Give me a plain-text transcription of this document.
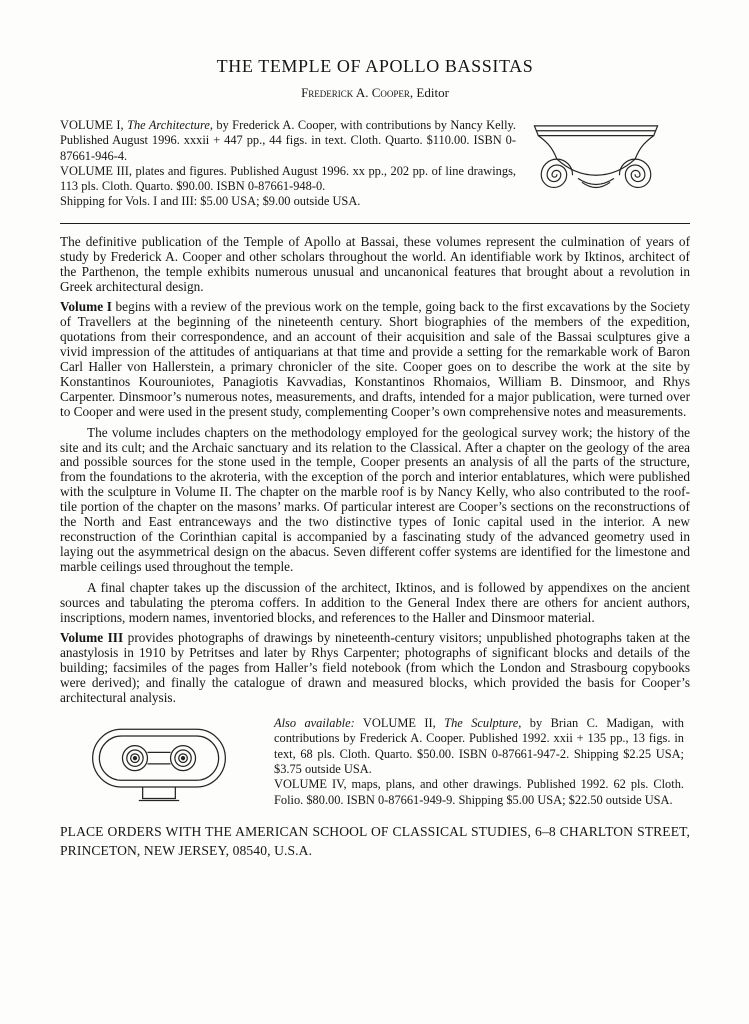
THE TEMPLE OF APOLLO BASSITAS
Frederick A. Cooper, Editor

VOLUME I, The Architecture, by Frederick A. Cooper, with contributions by Nancy Kelly. Published August 1996. xxxii + 447 pp., 44 figs. in text. Cloth. Quarto. $110.00. ISBN 0-87661-946-4.

VOLUME III, plates and figures. Published August 1996. xx pp., 202 pp. of line drawings, 113 pls. Cloth. Quarto. $90.00. ISBN 0-87661-948-0.

Shipping for Vols. I and III: $5.00 USA; $9.00 outside USA.

The definitive publication of the Temple of Apollo at Bassai, these volumes represent the culmination of years of study by Frederick A. Cooper and other scholars throughout the world. An identifiable work by Iktinos, architect of the Parthenon, the temple exhibits numerous unusual and uncanonical features that brought about a revolution in Greek architectural design.

Volume I begins with a review of the previous work on the temple, going back to the first excavations by the Society of Travellers at the beginning of the nineteenth century. Short biographies of the members of the expedition, quotations from their correspondence, and an account of their acquisition and sale of the Bassai sculptures give a vivid impression of the attitudes of antiquarians at that time and provide a setting for the remarkable work of Baron Carl Haller von Hallerstein, a primary chronicler of the site. Cooper goes on to describe the work at the site by Konstantinos Kourouniotes, Panagiotis Kavvadias, Konstantinos Rhomaios, William B. Dinsmoor, and Rhys Carpenter. Dinsmoor’s numerous notes, measurements, and drafts, intended for a major publication, were turned over to Cooper and were used in the present study, complementing Cooper’s own comprehensive notes and measurements.

The volume includes chapters on the methodology employed for the geological survey work; the history of the site and its cult; and the Archaic sanctuary and its relation to the Classical. After a chapter on the geology of the area and possible sources for the stone used in the temple, Cooper presents an analysis of all the parts of the structure, from the foundations to the akroteria, with the exception of the porch and interior entablatures, which were published with the sculpture in Volume II. The chapter on the marble roof is by Nancy Kelly, who also contributed to the roof-tile portion of the chapter on the masons’ marks. Of particular interest are Cooper’s sections on the reconstructions of the North and East entranceways and the two distinctive types of Ionic capital used in the interior. A new reconstruction of the Corinthian capital is accompanied by a fascinating study of the advanced geometry used in laying out the asymmetrical design on the abacus. Seven different coffer systems are identified for the limestone and marble ceilings used throughout the temple.

A final chapter takes up the discussion of the architect, Iktinos, and is followed by appendixes on the ancient sources and tabulating the pteroma coffers. In addition to the General Index there are others for ancient authors, inscriptions, modern names, inventoried blocks, and references to the Haller and Dinsmoor material.

Volume III provides photographs of drawings by nineteenth-century visitors; unpublished photographs taken at the anastylosis in 1910 by Petritses and later by Rhys Carpenter; photographs of significant blocks and details of the building; facsimiles of the pages from Haller’s field notebook (from which the London and Strasbourg copybooks were derived); and finally the catalogue of drawn and measured blocks, which provided the basis for Cooper’s architectural analysis.

Also available: VOLUME II, The Sculpture, by Brian C. Madigan, with contributions by Frederick A. Cooper. Published 1992. xxii + 135 pp., 13 figs. in text, 68 pls. Cloth. Quarto. $50.00. ISBN 0-87661-947-2. Shipping $2.25 USA; $3.75 outside USA.

VOLUME IV, maps, plans, and other drawings. Published 1992. 62 pls. Cloth. Folio. $80.00. ISBN 0-87661-949-9. Shipping $5.00 USA; $22.50 outside USA.

PLACE ORDERS WITH THE AMERICAN SCHOOL OF CLASSICAL STUDIES, 6–8 CHARLTON STREET, PRINCETON, NEW JERSEY, 08540, U.S.A.
